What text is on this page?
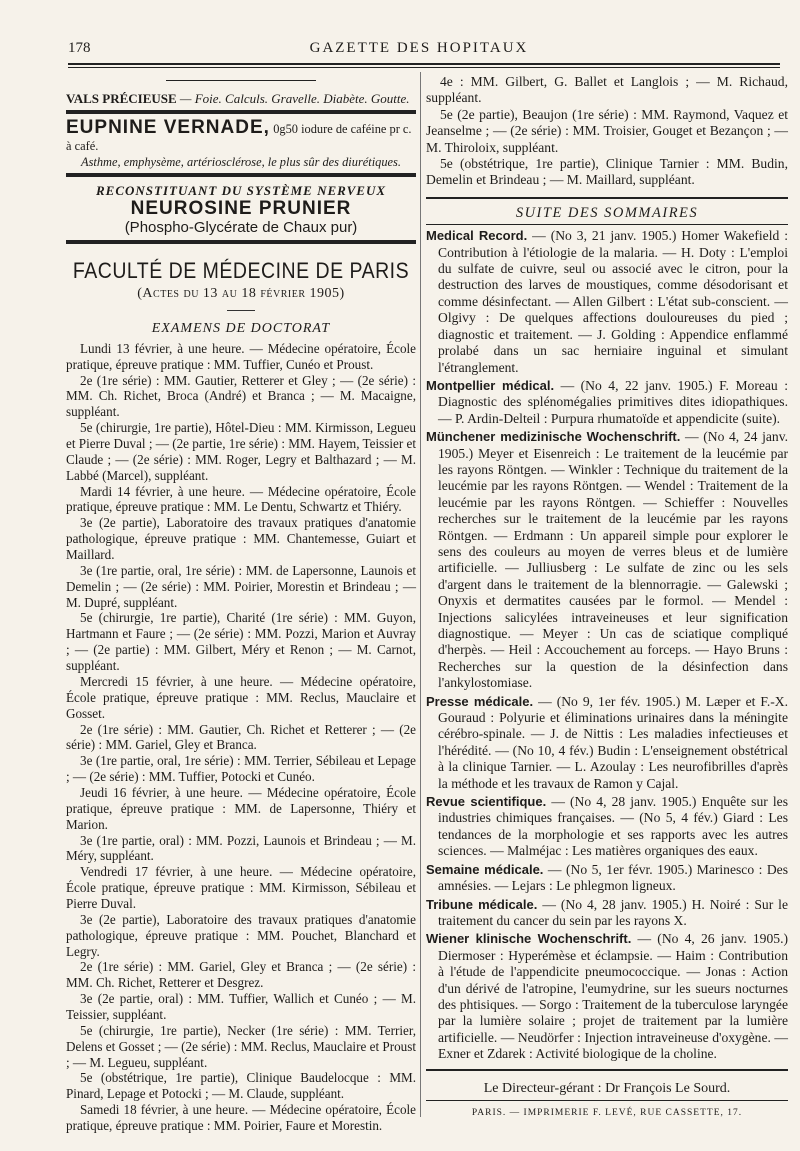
178	GAZETTE DES HOPITAUX
VALS PRÉCIEUSE — Foie. Calculs. Gravelle. Diabète. Goutte.
EUPNINE VERNADE, 0g50 iodure de caféine pr c. à café.
Asthme, emphysème, artériosclérose, le plus sûr des diurétiques.
RECONSTITUANT DU SYSTÈME NERVEUX
NEUROSINE PRUNIER
(Phospho-Glycérate de Chaux pur)
FACULTÉ DE MÉDECINE DE PARIS
(Actes du 13 au 18 février 1905)
EXAMENS DE DOCTORAT

Lundi 13 février, à une heure. — Médecine opératoire, École pratique, épreuve pratique : MM. Tuffier, Cunéo et Proust.

2e (1re série) : MM. Gautier, Retterer et Gley ; — (2e série) : MM. Ch. Richet, Broca (André) et Branca ; — M. Macaigne, suppléant.

5e (chirurgie, 1re partie), Hôtel-Dieu : MM. Kirmisson, Legueu et Pierre Duval ; — (2e partie, 1re série) : MM. Hayem, Teissier et Claude ; — (2e série) : MM. Roger, Legry et Balthazard ; — M. Labbé (Marcel), suppléant.

Mardi 14 février, à une heure. — Médecine opératoire, École pratique, épreuve pratique : MM. Le Dentu, Schwartz et Thiéry.

3e (2e partie), Laboratoire des travaux pratiques d'anatomie pathologique, épreuve pratique : MM. Chantemesse, Guiart et Maillard.

3e (1re partie, oral, 1re série) : MM. de Lapersonne, Launois et Demelin ; — (2e série) : MM. Poirier, Morestin et Brindeau ; — M. Dupré, suppléant.

5e (chirurgie, 1re partie), Charité (1re série) : MM. Guyon, Hartmann et Faure ; — (2e série) : MM. Pozzi, Marion et Auvray ; — (2e partie) : MM. Gilbert, Méry et Renon ; — M. Carnot, suppléant.

Mercredi 15 février, à une heure. — Médecine opératoire, École pratique, épreuve pratique : MM. Reclus, Mauclaire et Gosset.

2e (1re série) : MM. Gautier, Ch. Richet et Retterer ; — (2e série) : MM. Gariel, Gley et Branca.

3e (1re partie, oral, 1re série) : MM. Terrier, Sébileau et Lepage ; — (2e série) : MM. Tuffier, Potocki et Cunéo.

Jeudi 16 février, à une heure. — Médecine opératoire, École pratique, épreuve pratique : MM. de Lapersonne, Thiéry et Marion.

3e (1re partie, oral) : MM. Pozzi, Launois et Brindeau ; — M. Méry, suppléant.

Vendredi 17 février, à une heure. — Médecine opératoire, École pratique, épreuve pratique : MM. Kirmisson, Sébileau et Pierre Duval.

3e (2e partie), Laboratoire des travaux pratiques d'anatomie pathologique, épreuve pratique : MM. Pouchet, Blanchard et Legry.

2e (1re série) : MM. Gariel, Gley et Branca ; — (2e série) : MM. Ch. Richet, Retterer et Desgrez.

3e (2e partie, oral) : MM. Tuffier, Wallich et Cunéo ; — M. Teissier, suppléant.

5e (chirurgie, 1re partie), Necker (1re série) : MM. Terrier, Delens et Gosset ; — (2e série) : MM. Reclus, Mauclaire et Proust ; — M. Legueu, suppléant.

5e (obstétrique, 1re partie), Clinique Baudelocque : MM. Pinard, Lepage et Potocki ; — M. Claude, suppléant.

Samedi 18 février, à une heure. — Médecine opératoire, École pratique, épreuve pratique : MM. Poirier, Faure et Morestin.

4e : MM. Gilbert, G. Ballet et Langlois ; — M. Richaud, suppléant.

5e (2e partie), Beaujon (1re série) : MM. Raymond, Vaquez et Jeanselme ; — (2e série) : MM. Troisier, Gouget et Bezançon ; — M. Thiroloix, suppléant.

5e (obstétrique, 1re partie), Clinique Tarnier : MM. Budin, Demelin et Brindeau ; — M. Maillard, suppléant.

SUITE DES SOMMAIRES

Medical Record. — (No 3, 21 janv. 1905.) Homer Wakefield : Contribution à l'étiologie de la malaria. — H. Doty : L'emploi du sulfate de cuivre, seul ou associé avec le citron, pour la destruction des larves de moustiques, comme désodorisant et comme désinfectant. — Allen Gilbert : L'état sub-conscient. — Olgivy : De quelques affections douloureuses du pied ; diagnostic et traitement. — J. Golding : Appendice enflammé prolabé dans un sac herniaire inguinal et simulant l'étranglement.

Montpellier médical. — (No 4, 22 janv. 1905.) F. Moreau : Diagnostic des splénomégalies primitives dites idiopathiques. — P. Ardin-Delteil : Purpura rhumatoïde et appendicite (suite).

Münchener medizinische Wochenschrift. — (No 4, 24 janv. 1905.) Meyer et Eisenreich : Le traitement de la leucémie par les rayons Röntgen. — Winkler : Technique du traitement de la leucémie par les rayons Röntgen. — Wendel : Traitement de la leucémie par les rayons Röntgen. — Schieffer : Nouvelles recherches sur le traitement de la leucémie par les rayons Röntgen. — Erdmann : Un appareil simple pour explorer le sens des couleurs au moyen de verres bleus et de lumière artificielle. — Julliusberg : Le sulfate de zinc ou les sels d'argent dans le traitement de la blennorragie. — Galewski ; Onyxis et dermatites causées par le formol. — Mendel : Injections salicylées intraveineuses et leur signification diagnostique. — Meyer : Un cas de sciatique compliqué d'herpès. — Heil : Accouchement au forceps. — Hayo Bruns : Recherches sur la question de la désinfection dans l'ankylostomiase.

Presse médicale. — (No 9, 1er fév. 1905.) M. Læper et F.-X. Gouraud : Polyurie et éliminations urinaires dans la méningite cérébro-spinale. — J. de Nittis : Les maladies infectieuses et l'hérédité. — (No 10, 4 fév.) Budin : L'enseignement obstétrical à la clinique Tarnier. — L. Azoulay : Les neurofibrilles d'après la méthode et les travaux de Ramon y Cajal.

Revue scientifique. — (No 4, 28 janv. 1905.) Enquête sur les industries chimiques françaises. — (No 5, 4 fév.) Giard : Les tendances de la morphologie et ses rapports avec les autres sciences. — Malméjac : Les matières organiques des eaux.

Semaine médicale. — (No 5, 1er févr. 1905.) Marinesco : Des amnésies. — Lejars : Le phlegmon ligneux.

Tribune médicale. — (No 4, 28 janv. 1905.) H. Noiré : Sur le traitement du cancer du sein par les rayons X.

Wiener klinische Wochenschrift. — (No 4, 26 janv. 1905.) Diermoser : Hyperémèse et éclampsie. — Haim : Contribution à l'étude de l'appendicite pneumococcique. — Jonas : Action d'un dérivé de l'atropine, l'eumydrine, sur les sueurs nocturnes des phtisiques. — Sorgo : Traitement de la tuberculose laryngée par la lumière solaire ; projet de traitement par la lumière artificielle. — Neudörfer : Injection intraveineuse d'oxygène. — Exner et Zdarek : Activité biologique de la choline.

Le Directeur-gérant : Dr François Le Sourd.
PARIS. — IMPRIMERIE F. LEVÉ, RUE CASSETTE, 17.
